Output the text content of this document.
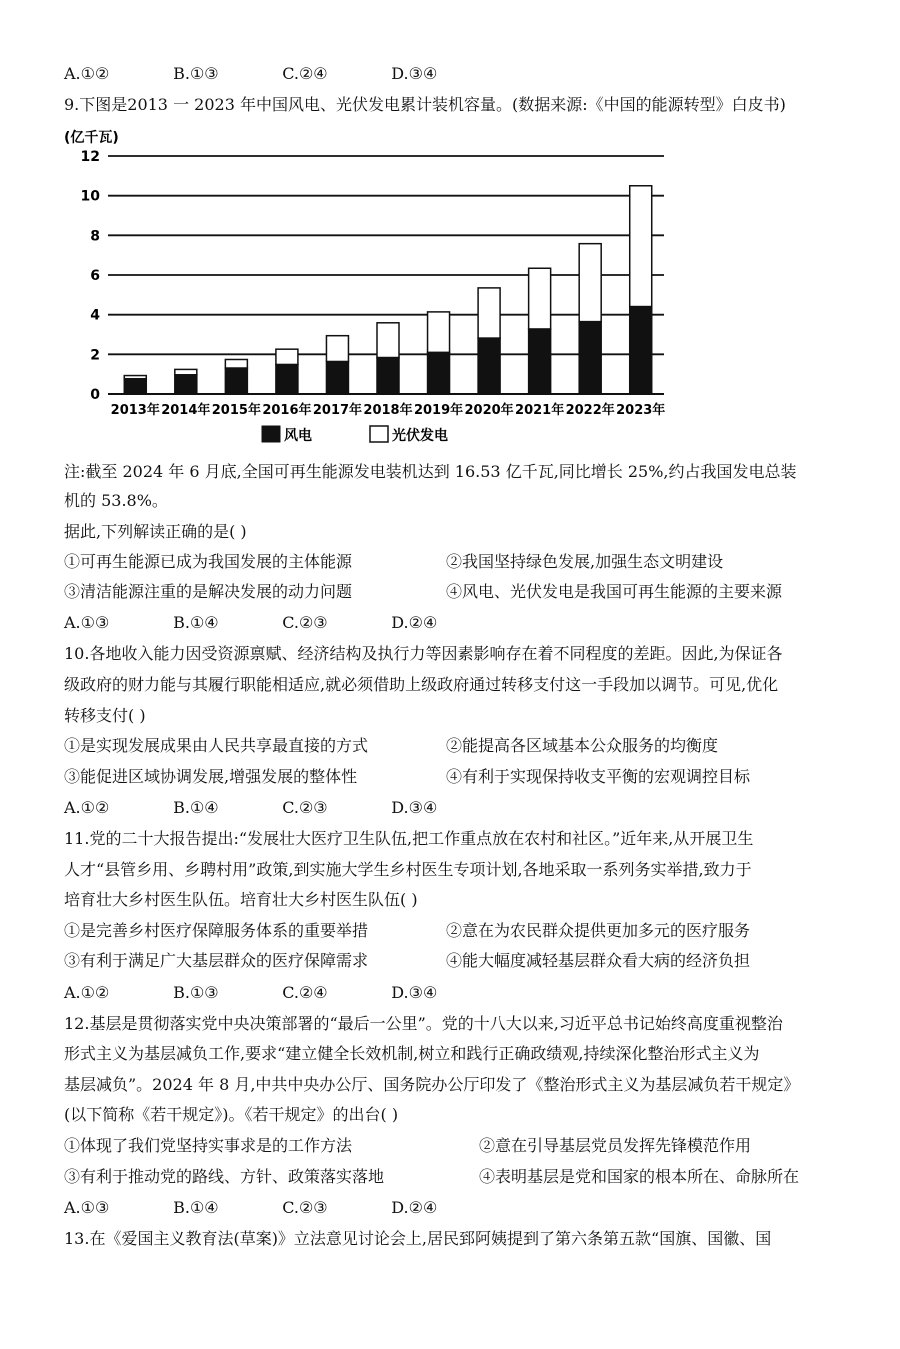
A.①②	B.①③	C.②④	D.③④
9.下图是2013 一 2023 年中国风电、光伏发电累计装机容量。(数据来源:《中国的能源转型》白皮书)
0
2
4
6
8
10
12
2013年 2014年 2015年 2016年 2017年 2018年 2019年 2020年 2021年 2022年 2023年
(亿千瓦)
风电	光伏发电
注:截至 2024 年 6 月底,全国可再生能源发电装机达到 16.53 亿千瓦,同比增长 25%,约占我国发电总装
机的 53.8%。
据此,下列解读正确的是( )
①可再生能源已成为我国发展的主体能源	②我国坚持绿色发展,加强生态文明建设
③清洁能源注重的是解决发展的动力问题	④风电、光伏发电是我国可再生能源的主要来源
A.①③	B.①④	C.②③	D.②④
10.各地收入能力因受资源禀赋、经济结构及执行力等因素影响存在着不同程度的差距。因此,为保证各
级政府的财力能与其履行职能相适应,就必须借助上级政府通过转移支付这一手段加以调节。可见,优化
转移支付( )
①是实现发展成果由人民共享最直接的方式	②能提高各区域基本公众服务的均衡度
③能促进区域协调发展,增强发展的整体性	④有利于实现保持收支平衡的宏观调控目标
A.①②	B.①④	C.②③	D.③④
11.党的二十大报告提出:“发展壮大医疗卫生队伍,把工作重点放在农村和社区。”近年来,从开展卫生
人才“县管乡用、乡聘村用”政策,到实施大学生乡村医生专项计划,各地采取一系列务实举措,致力于
培育壮大乡村医生队伍。培育壮大乡村医生队伍( )
①是完善乡村医疗保障服务体系的重要举措	②意在为农民群众提供更加多元的医疗服务
③有利于满足广大基层群众的医疗保障需求	④能大幅度减轻基层群众看大病的经济负担
A.①②	B.①③	C.②④	D.③④
12.基层是贯彻落实党中央决策部署的“最后一公里”。党的十八大以来,习近平总书记始终高度重视整治
形式主义为基层减负工作,要求“建立健全长效机制,树立和践行正确政绩观,持续深化整治形式主义为
基层减负”。2024 年 8 月,中共中央办公厅、国务院办公厅印发了《整治形式主义为基层减负若干规定》
(以下简称《若干规定》)。《若干规定》的出台( )
①体现了我们党坚持实事求是的工作方法	②意在引导基层党员发挥先锋模范作用
③有利于推动党的路线、方针、政策落实落地	④表明基层是党和国家的根本所在、命脉所在
A.①③	B.①④	C.②③	D.②④
13.在《爱国主义教育法(草案)》立法意见讨论会上,居民郅阿姨提到了第六条第五款“国旗、国徽、国
